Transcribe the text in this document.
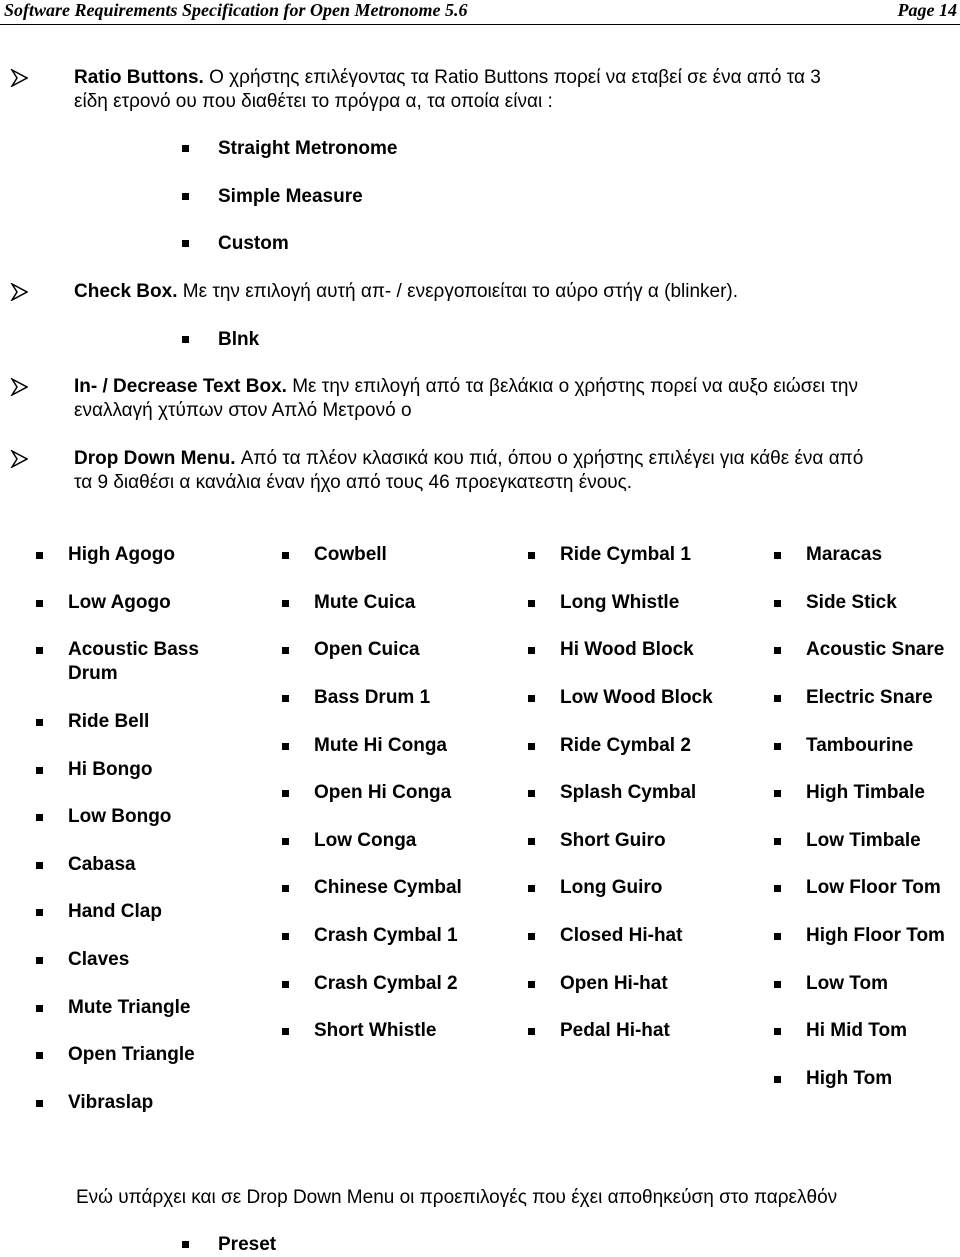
Software Requirements Specification for Open Metronome 5.6	Page 14
Ratio Buttons. Ο χρήστης επιλέγοντας τα Ratio Buttons πορεί να εταβεί σε ένα από τα 3
είδη ετρονό ου που διαθέτει το πρόγρα α, τα οποία είναι :
Straight Metronome
Simple Measure
Custom
Check Box. Με την επιλογή αυτή απ- / ενεργοποιείται το αύρο στήγ α (blinker).
Blnk
In- / Decrease Text Box. Με την επιλογή από τα βελάκια ο χρήστης πορεί να αυξο ειώσει την
εναλλαγή χτύπων στον Απλό Μετρονό ο
Drop Down Menu. Από τα πλέον κλασικά κου πιά, όπου ο χρήστης επιλέγει για κάθε ένα από
τα 9 διαθέσι α κανάλια έναν ήχο από τους 46 προεγκατεστη ένους.
High Agogo
Low Agogo
Acoustic Bass Drum
Ride Bell
Hi Bongo
Low Bongo
Cabasa
Hand Clap
Claves
Mute Triangle
Open Triangle
Vibraslap
Cowbell
Mute Cuica
Open Cuica
Bass Drum 1
Mute Hi Conga
Open Hi Conga
Low Conga
Chinese Cymbal
Crash Cymbal 1
Crash Cymbal 2
Short Whistle
Ride Cymbal 1
Long Whistle
Hi Wood Block
Low Wood Block
Ride Cymbal 2
Splash Cymbal
Short Guiro
Long Guiro
Closed Hi-hat
Open Hi-hat
Pedal Hi-hat
Maracas
Side Stick
Acoustic Snare
Electric Snare
Tambourine
High Timbale
Low Timbale
Low Floor Tom
High Floor Tom
Low Tom
Hi Mid Tom
High Tom
Ενώ υπάρχει και σε Drop Down Menu οι προεπιλογές που έχει αποθηκεύση στο παρελθόν
Preset
